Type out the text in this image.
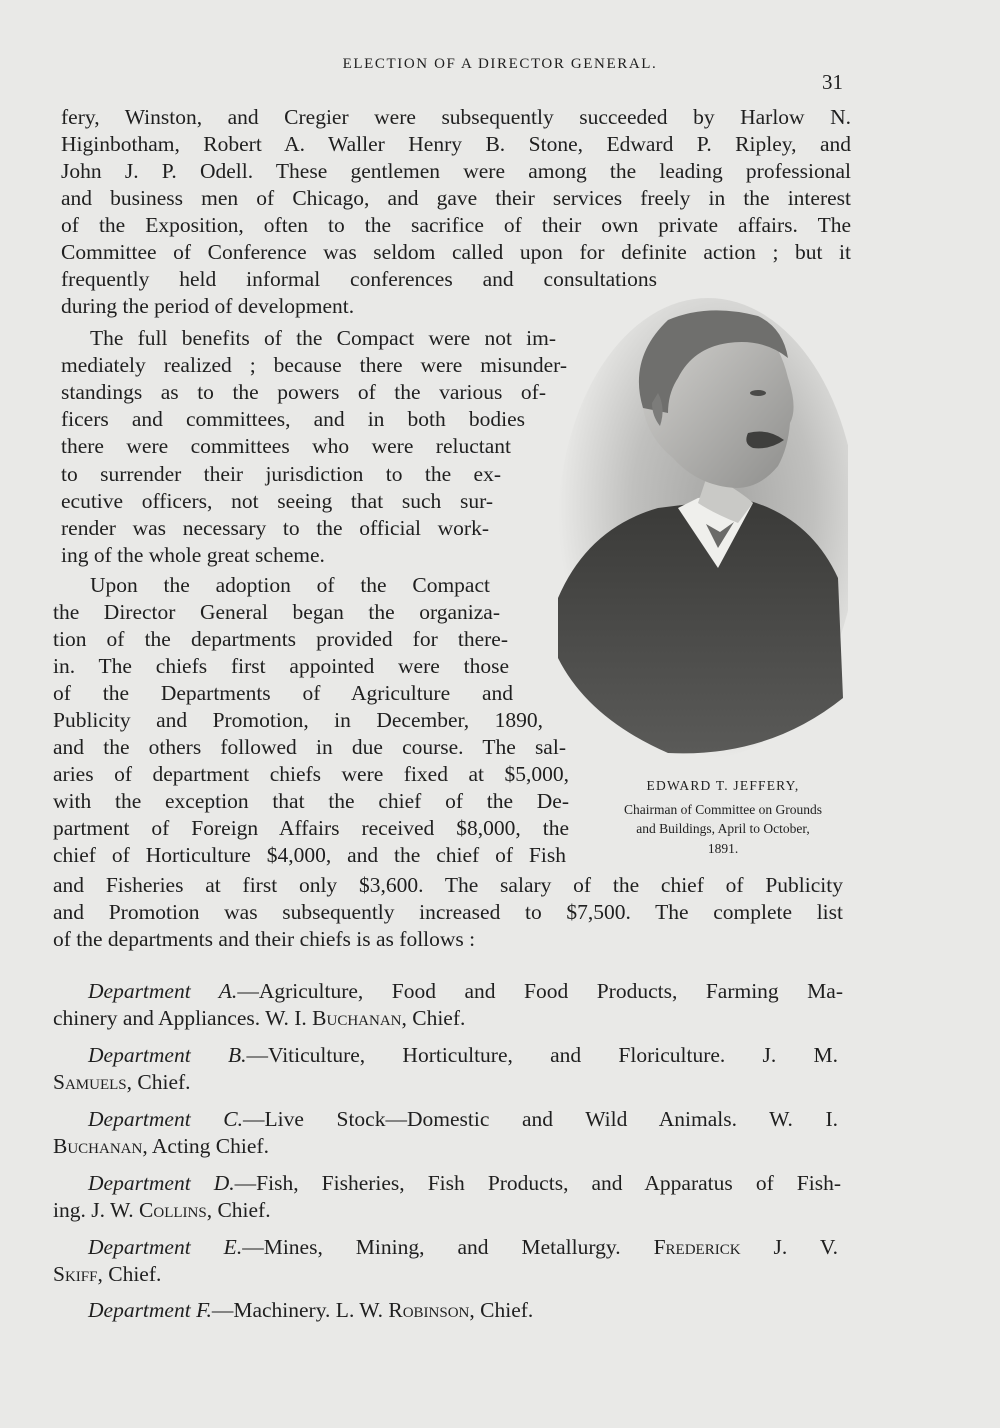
ELECTION OF A DIRECTOR GENERAL.
31
fery, Winston, and Cregier were subsequently succeeded by Harlow N.
Higinbotham, Robert A. Waller Henry B. Stone, Edward P. Ripley, and
John J. P. Odell. These gentlemen were among the leading professional
and business men of Chicago, and gave their services freely in the interest
of the Exposition, often to the sacrifice of their own private affairs. The
Committee of Conference was seldom called upon for definite action ; but it
frequently held informal conferences and consultations
during the period of development.
The full benefits of the Compact were not im-
mediately realized ; because there were misunder-
standings as to the powers of the various of-
ficers and committees, and in both bodies
there were committees who were reluctant
to surrender their jurisdiction to the ex-
ecutive officers, not seeing that such sur-
render was necessary to the official work-
ing of the whole great scheme.
Upon the adoption of the Compact
the Director General began the organiza-
tion of the departments provided for there-
in. The chiefs first appointed were those
of the Departments of Agriculture and
Publicity and Promotion, in December, 1890,
and the others followed in due course. The sal-
aries of department chiefs were fixed at $5,000,
with the exception that the chief of the De-
partment of Foreign Affairs received $8,000, the
chief of Horticulture $4,000, and the chief of Fish
and Fisheries at first only $3,600. The salary of the chief of Publicity
and Promotion was subsequently increased to $7,500. The complete list
of the departments and their chiefs is as follows :
EDWARD T. JEFFERY,
Chairman of Committee on Grounds
and Buildings, April to October,
1891.
Department A.—Agriculture, Food and Food Products, Farming Ma-
chinery and Appliances. W. I. Buchanan, Chief.
Department B.—Viticulture, Horticulture, and Floriculture. J. M.
Samuels, Chief.
Department C.—Live Stock—Domestic and Wild Animals. W. I.
Buchanan, Acting Chief.
Department D.—Fish, Fisheries, Fish Products, and Apparatus of Fish-
ing. J. W. Collins, Chief.
Department E.—Mines, Mining, and Metallurgy. Frederick J. V.
Skiff, Chief.
Department F.—Machinery. L. W. Robinson, Chief.
